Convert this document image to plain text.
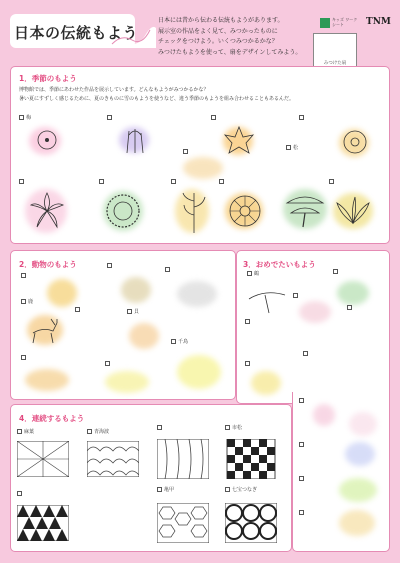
日本の伝統もよう
日本には昔から伝わる伝統もようがあります。
展示室の作品をよく見て、みつかったものに
チェックをつけよう。いくつみつかるかな？
みつけたもようを使って、扇をデザインしてみよう。
キッズ ワークシート	TNM
みつけた扇
1．季節のもよう
博物館では、季節にあわせた作品を展示しています。どんなもようがみつかるかな？
暑い夏にすずしく感じるために、夏のきものに雪のもようを使うなど、違う季節のもようを組み合わせることもあるんだ。
梅
松
2．動物のもよう
鹿
貝
千鳥
3．おめでたいもよう
鶴
4．連続するもよう
麻葉	青海波
市松
亀甲	七宝つなぎ
